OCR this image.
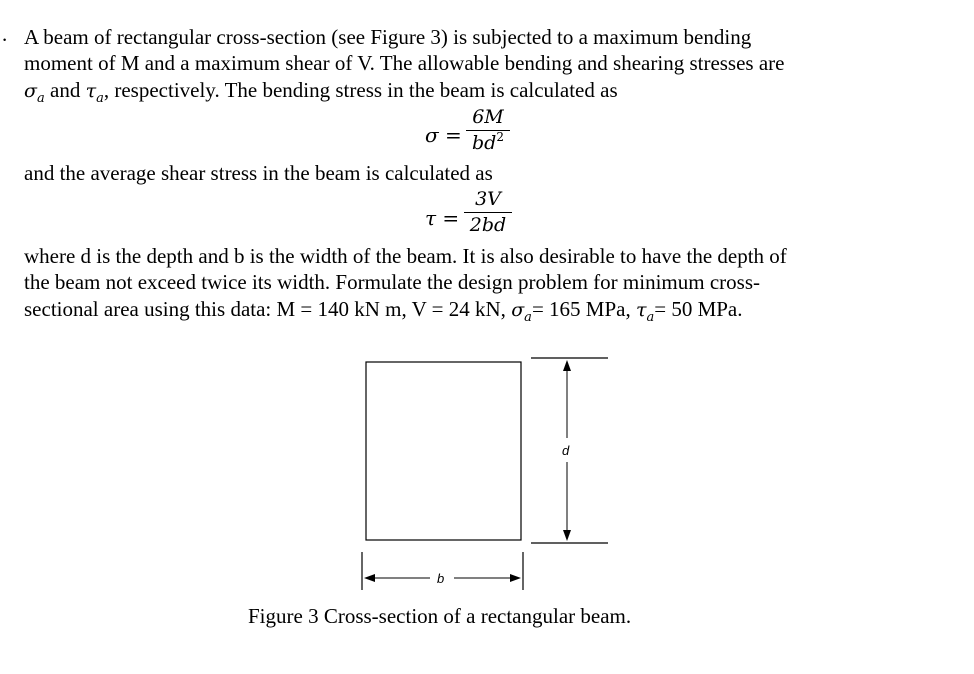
. A beam of rectangular cross-section (see Figure 3) is subjected to a maximum bending
moment of M and a maximum shear of V. The allowable bending and shearing stresses are
$\sigma_a$ and $\tau_a$, respectively. The bending stress in the beam is calculated as
σ =
6M
$bd^2$
and the average shear stress in the beam is calculated as
τ =
3V
2bd
where d is the depth and b is the width of the beam. It is also desirable to have the depth of
the beam not exceed twice its width. Formulate the design problem for minimum cross-
sectional area using this data: M = 140 kN m, V = 24 kN, $\sigma_a= 165$ MPa, $\tau_a= 50$ MPa.
d
b
Figure 3 Cross-section of a rectangular beam.
